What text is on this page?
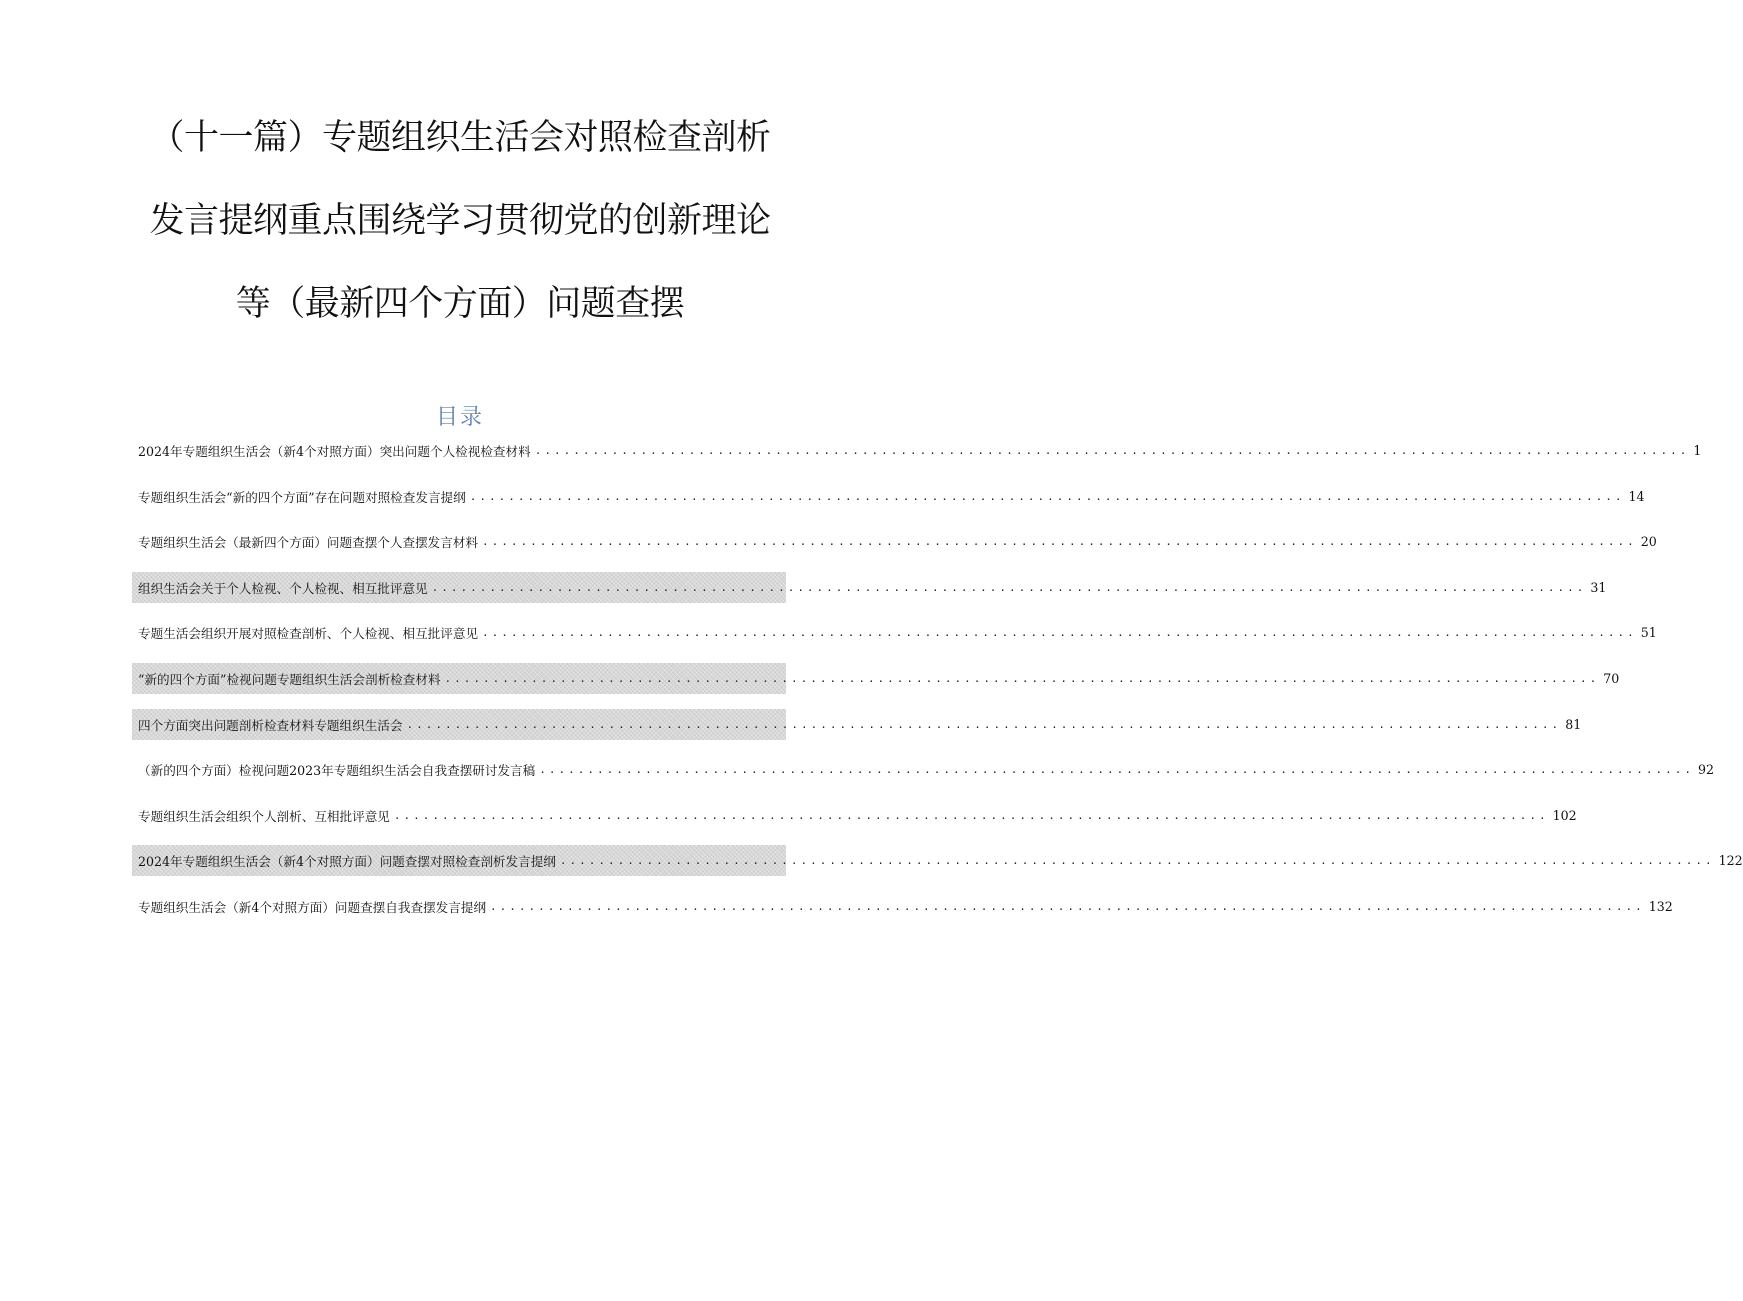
（十一篇）专题组织生活会对照检查剖析
发言提纲重点围绕学习贯彻党的创新理论
等（最新四个方面）问题查摆
目录
2024年专题组织生活会（新4个对照方面）突出问题个人检视检查材料 ........................................................................................................................ 1
专题组织生活会“新的四个方面”存在问题对照检查发言提纲 ........................................................................................................................ 14
专题组织生活会（最新四个方面）问题查摆个人查摆发言材料 ........................................................................................................................ 20
组织生活会关于个人检视、个人检视、相互批评意见 ........................................................................................................................ 31
专题生活会组织开展对照检查剖析、个人检视、相互批评意见 ........................................................................................................................ 51
“新的四个方面”检视问题专题组织生活会剖析检查材料 ........................................................................................................................ 70
四个方面突出问题剖析检查材料专题组织生活会 ........................................................................................................................ 81
（新的四个方面）检视问题2023年专题组织生活会自我查摆研讨发言稿 ........................................................................................................................ 92
专题组织生活会组织个人剖析、互相批评意见 ........................................................................................................................ 102
2024年专题组织生活会（新4个对照方面）问题查摆对照检查剖析发言提纲 ........................................................................................................................ 122
专题组织生活会（新4个对照方面）问题查摆自我查摆发言提纲 ........................................................................................................................ 132
